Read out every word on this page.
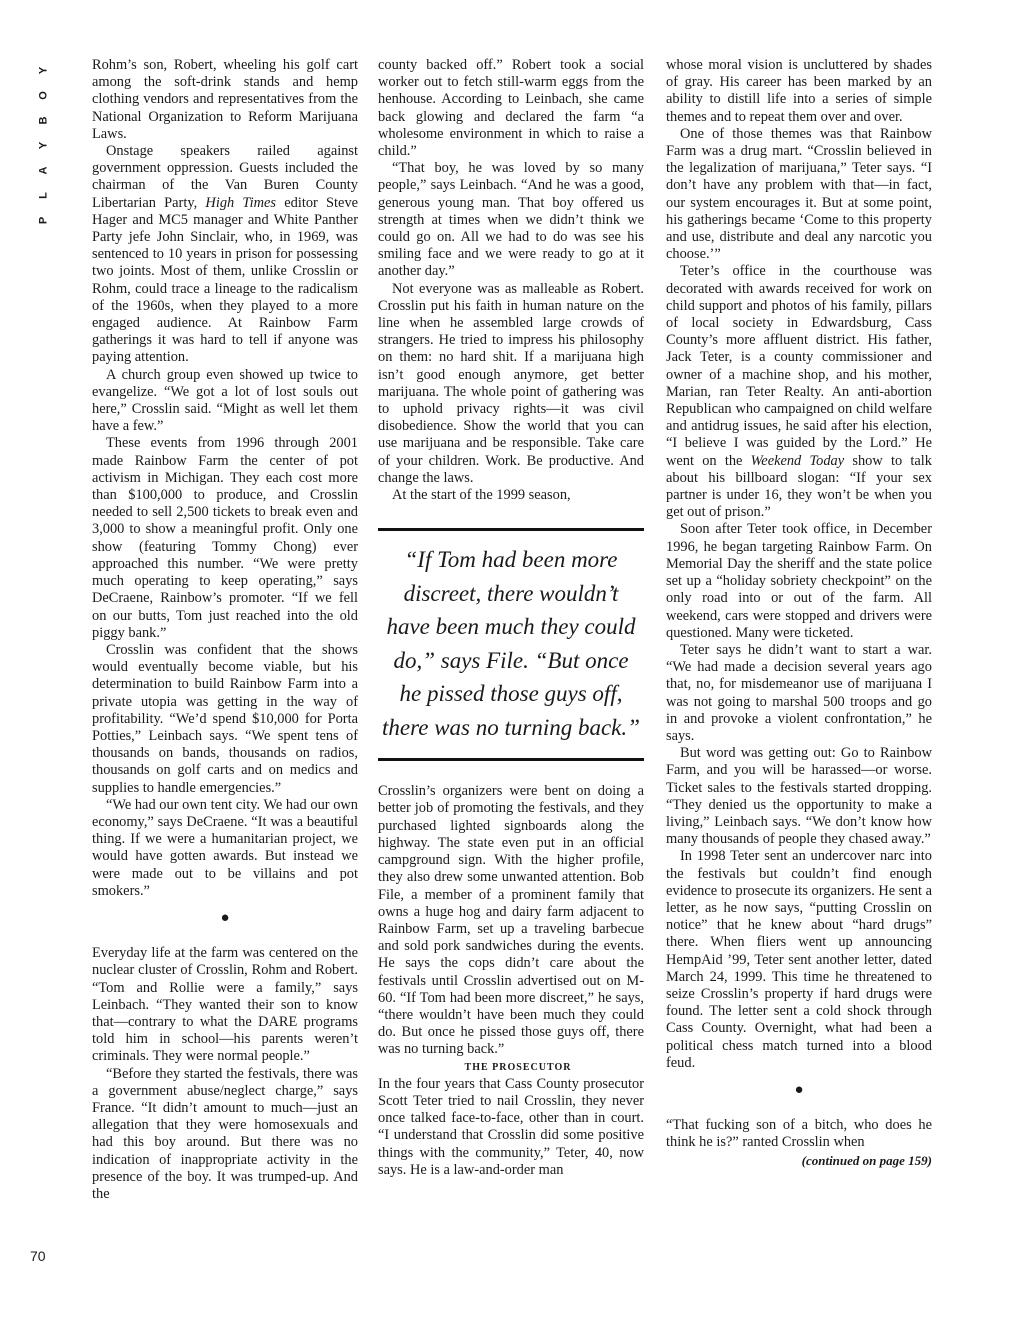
Y
O
B
Y
A
L
P
70

Rohm’s son, Robert, wheeling his golf cart among the soft-drink stands and hemp clothing vendors and representatives from the National Organization to Reform Marijuana Laws.

Onstage speakers railed against government oppression. Guests included the chairman of the Van Buren County Libertarian Party, High Times editor Steve Hager and MC5 manager and White Panther Party jefe John Sinclair, who, in 1969, was sentenced to 10 years in prison for possessing two joints. Most of them, unlike Crosslin or Rohm, could trace a lineage to the radicalism of the 1960s, when they played to a more engaged audience. At Rainbow Farm gatherings it was hard to tell if anyone was paying attention.

A church group even showed up twice to evangelize. “We got a lot of lost souls out here,” Crosslin said. “Might as well let them have a few.”

These events from 1996 through 2001 made Rainbow Farm the center of pot activism in Michigan. They each cost more than $100,000 to produce, and Crosslin needed to sell 2,500 tickets to break even and 3,000 to show a meaningful profit. Only one show (featuring Tommy Chong) ever approached this number. “We were pretty much operating to keep operating,” says DeCraene, Rainbow’s promoter. “If we fell on our butts, Tom just reached into the old piggy bank.”

Crosslin was confident that the shows would eventually become viable, but his determination to build Rainbow Farm into a private utopia was getting in the way of profitability. “We’d spend $10,000 for Porta Potties,” Leinbach says. “We spent tens of thousands on bands, thousands on radios, thousands on golf carts and on medics and supplies to handle emergencies.”

“We had our own tent city. We had our own economy,” says DeCraene. “It was a beautiful thing. If we were a humanitarian project, we would have gotten awards. But instead we were made out to be villains and pot smokers.”

●

Everyday life at the farm was centered on the nuclear cluster of Crosslin, Rohm and Robert. “Tom and Rollie were a family,” says Leinbach. “They wanted their son to know that—contrary to what the DARE programs told him in school—his parents weren’t criminals. They were normal people.”

“Before they started the festivals, there was a government abuse/neglect charge,” says France. “It didn’t amount to much—just an allegation that they were homosexuals and had this boy around. But there was no indication of inappropriate activity in the presence of the boy. It was trumped-up. And the

county backed off.” Robert took a social worker out to fetch still-warm eggs from the henhouse. According to Leinbach, she came back glowing and declared the farm “a wholesome environment in which to raise a child.”

“That boy, he was loved by so many people,” says Leinbach. “And he was a good, generous young man. That boy offered us strength at times when we didn’t think we could go on. All we had to do was see his smiling face and we were ready to go at it another day.”

Not everyone was as malleable as Robert. Crosslin put his faith in human nature on the line when he assembled large crowds of strangers. He tried to impress his philosophy on them: no hard shit. If a marijuana high isn’t good enough anymore, get better marijuana. The whole point of gathering was to uphold privacy rights—it was civil disobedience. Show the world that you can use marijuana and be responsible. Take care of your children. Work. Be productive. And change the laws.

At the start of the 1999 season,

“If Tom had been more discreet, there wouldn’t have been much they could do,” says File. “But once he pissed those guys off, there was no turning back.”

Crosslin’s organizers were bent on doing a better job of promoting the festivals, and they purchased lighted signboards along the highway. The state even put in an official campground sign. With the higher profile, they also drew some unwanted attention. Bob File, a member of a prominent family that owns a huge hog and dairy farm adjacent to Rainbow Farm, set up a traveling barbecue and sold pork sandwiches during the events. He says the cops didn’t care about the festivals until Crosslin advertised out on M-60. “If Tom had been more discreet,” he says, “there wouldn’t have been much they could do. But once he pissed those guys off, there was no turning back.”

THE PROSECUTOR

In the four years that Cass County prosecutor Scott Teter tried to nail Crosslin, they never once talked face-to-face, other than in court. “I understand that Crosslin did some positive things with the community,” Teter, 40, now says. He is a law-and-order man

whose moral vision is uncluttered by shades of gray. His career has been marked by an ability to distill life into a series of simple themes and to repeat them over and over.

One of those themes was that Rainbow Farm was a drug mart. “Crosslin believed in the legalization of marijuana,” Teter says. “I don’t have any problem with that—in fact, our system encourages it. But at some point, his gatherings became ‘Come to this property and use, distribute and deal any narcotic you choose.’”

Teter’s office in the courthouse was decorated with awards received for work on child support and photos of his family, pillars of local society in Edwardsburg, Cass County’s more affluent district. His father, Jack Teter, is a county commissioner and owner of a machine shop, and his mother, Marian, ran Teter Realty. An anti-abortion Republican who campaigned on child welfare and antidrug issues, he said after his election, “I believe I was guided by the Lord.” He went on the Weekend Today show to talk about his billboard slogan: “If your sex partner is under 16, they won’t be when you get out of prison.”

Soon after Teter took office, in December 1996, he began targeting Rainbow Farm. On Memorial Day the sheriff and the state police set up a “holiday sobriety checkpoint” on the only road into or out of the farm. All weekend, cars were stopped and drivers were questioned. Many were ticketed.

Teter says he didn’t want to start a war. “We had made a decision several years ago that, no, for misdemeanor use of marijuana I was not going to marshal 500 troops and go in and provoke a violent confrontation,” he says.

But word was getting out: Go to Rainbow Farm, and you will be harassed—or worse. Ticket sales to the festivals started dropping. “They denied us the opportunity to make a living,” Leinbach says. “We don’t know how many thousands of people they chased away.”

In 1998 Teter sent an undercover narc into the festivals but couldn’t find enough evidence to prosecute its organizers. He sent a letter, as he now says, “putting Crosslin on notice” that he knew about “hard drugs” there. When fliers went up announcing HempAid ’99, Teter sent another letter, dated March 24, 1999. This time he threatened to seize Crosslin’s property if hard drugs were found. The letter sent a cold shock through Cass County. Overnight, what had been a political chess match turned into a blood feud.

●

“That fucking son of a bitch, who does he think he is?” ranted Crosslin when

(continued on page 159)
